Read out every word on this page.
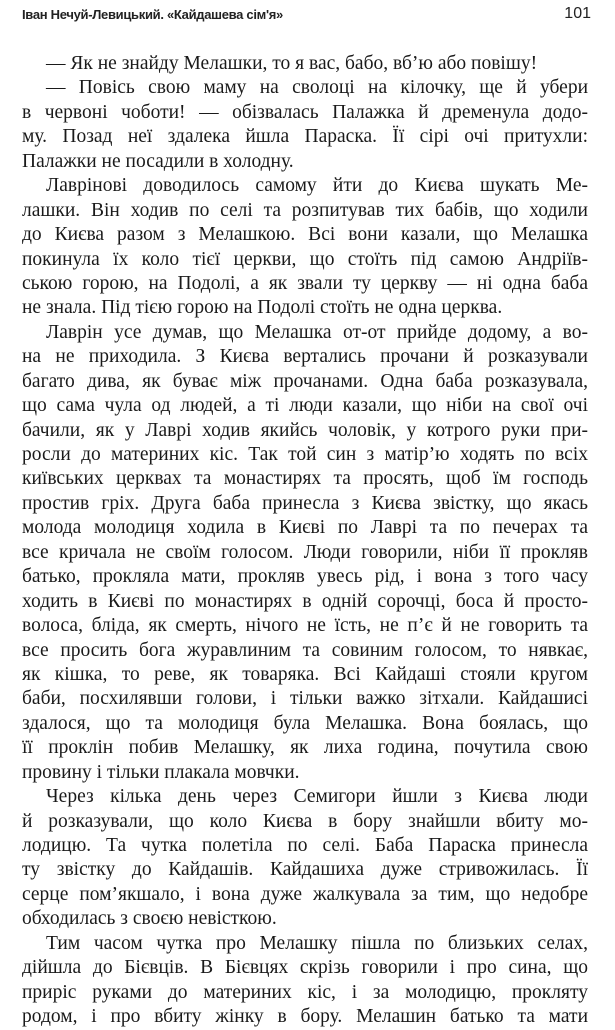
Іван Нечуй-Левицький. «Кайдашева сім'я»	101
— Як не знайду Мелашки, то я вас, бабо, вб’ю або повішу!
— Повісь свою маму на сволоці на кілочку, ще й убери
в червоні чоботи! — обізвалась Палажка й дременула додо-
му. Позад неї здалека йшла Параска. Її сірі очі притухли:
Палажки не посадили в холодну.
Лаврінові доводилось самому йти до Києва шукать Ме-
лашки. Він ходив по селі та розпитував тих бабів, що ходили
до Києва разом з Мелашкою. Всі вони казали, що Мелашка
покинула їх коло тієї церкви, що стоїть під самою Андріїв-
ською горою, на Подолі, а як звали ту церкву — ні одна баба
не знала. Під тією горою на Подолі стоїть не одна церква.
Лаврін усе думав, що Мелашка от-от прийде додому, а во-
на не приходила. З Києва вертались прочани й розказували
багато дива, як буває між прочанами. Одна баба розказувала,
що сама чула од людей, а ті люди казали, що ніби на свої очі
бачили, як у Лаврі ходив якийсь чоловік, у котрого руки при-
росли до материних кіс. Так той син з матір’ю ходять по всіх
київських церквах та монастирях та просять, щоб їм господь
простив гріх. Друга баба принесла з Києва звістку, що якась
молода молодиця ходила в Києві по Лаврі та по печерах та
все кричала не своїм голосом. Люди говорили, ніби її прокляв
батько, прокляла мати, прокляв увесь рід, і вона з того часу
ходить в Києві по монастирях в одній сорочці, боса й просто-
волоса, бліда, як смерть, нічого не їсть, не п’є й не говорить та
все просить бога журавлиним та совиним голосом, то нявкає,
як кішка, то реве, як товаряка. Всі Кайдаші стояли кругом
баби, посхилявши голови, і тільки важко зітхали. Кайдашисі
здалося, що та молодиця була Мелашка. Вона боялась, що
її проклін побив Мелашку, як лиха година, почутила свою
провину і тільки плакала мовчки.
Через кілька день через Семигори йшли з Києва люди
й розказували, що коло Києва в бору знайшли вбиту мо-
лодицю. Та чутка полетіла по селі. Баба Параска принесла
ту звістку до Кайдашів. Кайдашиха дуже стривожилась. Її
серце пом’якшало, і вона дуже жалкувала за тим, що недобре
обходилась з своєю невісткою.
Тим часом чутка про Мелашку пішла по близьких селах,
дійшла до Бієвців. В Бієвцях скрізь говорили і про сина, що
приріс руками до материних кіс, і за молодицю, прокляту
родом, і про вбиту жінку в бору. Мелашин батько та мати
